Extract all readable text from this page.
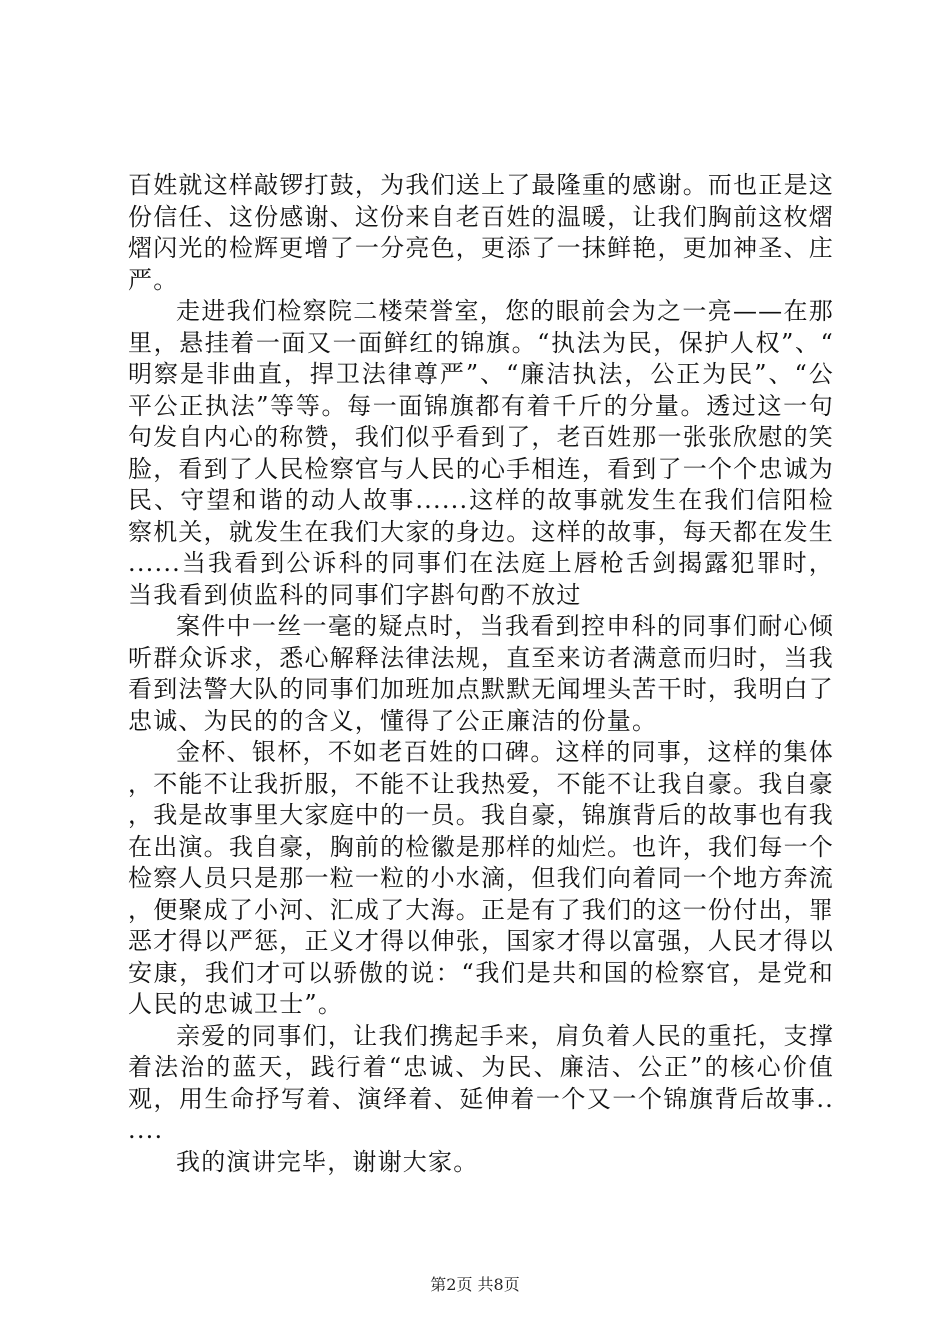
百姓就这样敲锣打鼓，为我们送上了最隆重的感谢。而也正是这份信任、这份感谢、这份来自老百姓的温暖，让我们胸前这枚熠熠闪光的检辉更增了一分亮色，更添了一抹鲜艳，更加神圣、庄严。

走进我们检察院二楼荣誉室，您的眼前会为之一亮——在那里，悬挂着一面又一面鲜红的锦旗。“执法为民，保护人权”、“明察是非曲直，捍卫法律尊严”、“廉洁执法，公正为民”、“公平公正执法”等等。每一面锦旗都有着千斤的分量。透过这一句句发自内心的称赞，我们似乎看到了，老百姓那一张张欣慰的笑脸，看到了人民检察官与人民的心手相连，看到了一个个忠诚为民、守望和谐的动人故事......这样的故事就发生在我们信阳检察机关，就发生在我们大家的身边。这样的故事，每天都在发生......当我看到公诉科的同事们在法庭上唇枪舌剑揭露犯罪时，当我看到侦监科的同事们字斟句酌不放过

案件中一丝一毫的疑点时，当我看到控申科的同事们耐心倾听群众诉求，悉心解释法律法规，直至来访者满意而归时，当我看到法警大队的同事们加班加点默默无闻埋头苦干时，我明白了忠诚、为民的的含义，懂得了公正廉洁的份量。

金杯、银杯，不如老百姓的口碑。这样的同事，这样的集体，不能不让我折服，不能不让我热爱，不能不让我自豪。我自豪，我是故事里大家庭中的一员。我自豪，锦旗背后的故事也有我在出演。我自豪，胸前的检徽是那样的灿烂。也许，我们每一个检察人员只是那一粒一粒的小水滴，但我们向着同一个地方奔流，便聚成了小河、汇成了大海。正是有了我们的这一份付出，罪恶才得以严惩，正义才得以伸张，国家才得以富强，人民才得以安康，我们才可以骄傲的说：“我们是共和国的检察官，是党和人民的忠诚卫士”。

亲爱的同事们，让我们携起手来，肩负着人民的重托，支撑着法治的蓝天，践行着“忠诚、为民、廉洁、公正”的核心价值观，用生命抒写着、演绎着、延伸着一个又一个锦旗背后故事......

我的演讲完毕，谢谢大家。

第2页 共8页
